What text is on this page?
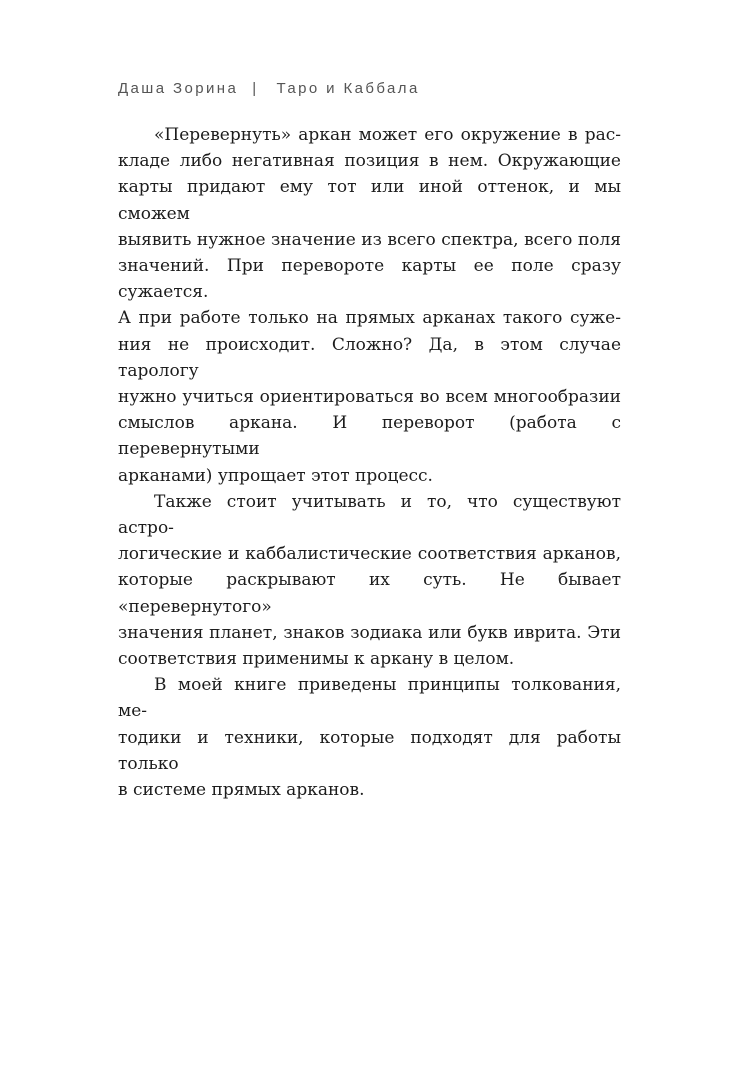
Даша Зорина | Таро и Каббала

«Перевернуть» аркан может его окружение в рас-
кладе либо негативная позиция в нем. Окружающие
карты придают ему тот или иной оттенок, и мы сможем
выявить нужное значение из всего спектра, всего поля
значений. При перевороте карты ее поле сразу сужается.
А при работе только на прямых арканах такого суже-
ния не происходит. Сложно? Да, в этом случае тарологу
нужно учиться ориентироваться во всем многообразии
смыслов аркана. И переворот (работа с перевернутыми
арканами) упрощает этот процесс.

Также стоит учитывать и то, что существуют астро-
логические и каббалистические соответствия арканов,
которые раскрывают их суть. Не бывает «перевернутого»
значения планет, знаков зодиака или букв иврита. Эти
соответствия применимы к аркану в целом.

В моей книге приведены принципы толкования, ме-
тодики и техники, которые подходят для работы только
в системе прямых арканов.
